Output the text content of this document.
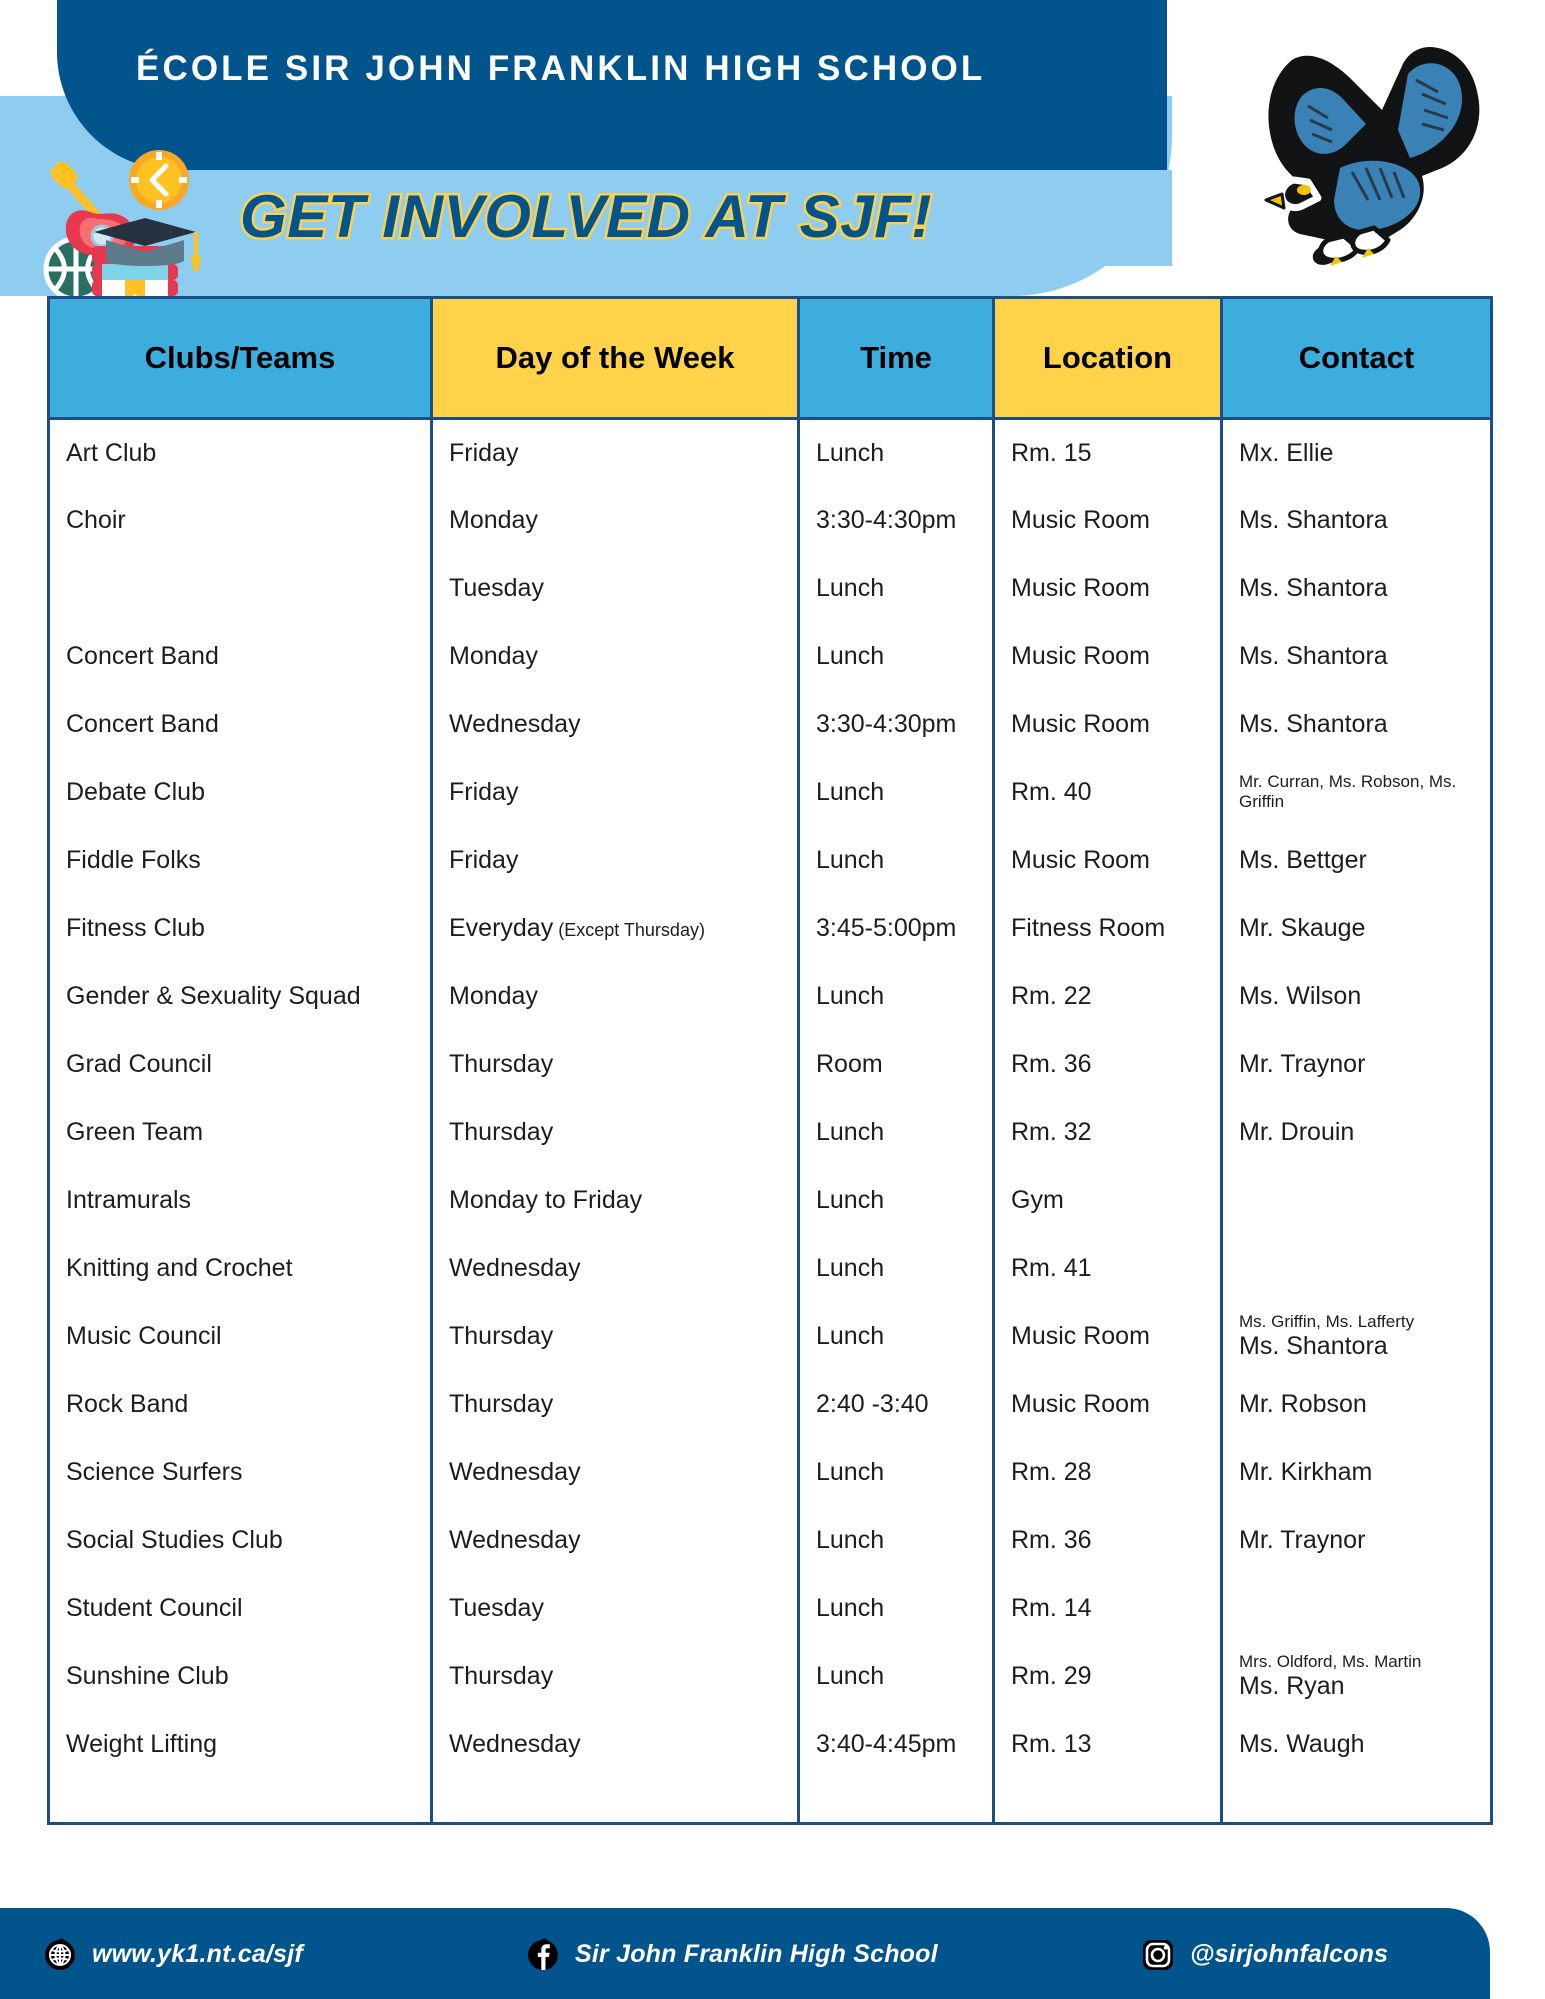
ÉCOLE SIR JOHN FRANKLIN HIGH SCHOOL
GET INVOLVED AT SJF!
Clubs/Teams	Day of the Week	Time	Location	Contact
Art Club	Friday	Lunch	Rm. 15	Mx. Ellie

Choir	Monday	3:30-4:30pm	Music Room	Ms. Shantora

	Tuesday	Lunch	Music Room	Ms. Shantora

Concert Band	Monday	Lunch	Music Room	Ms. Shantora

Concert Band	Wednesday	3:30-4:30pm	Music Room	Ms. Shantora

Debate Club	Friday	Lunch	Rm. 40	Mr. Curran, Ms. Robson, Ms. Griffin

Fiddle Folks	Friday	Lunch	Music Room	Ms. Bettger

Fitness Club	Everyday (Except Thursday)	3:45-5:00pm	Fitness Room	Mr. Skauge

Gender & Sexuality Squad	Monday	Lunch	Rm. 22	Ms. Wilson

Grad Council	Thursday	Room	Rm. 36	Mr. Traynor

Green Team	Thursday	Lunch	Rm. 32	Mr. Drouin

Intramurals	Monday to Friday	Lunch	Gym	
Knitting and Crochet	Wednesday	Lunch	Rm. 41	
Music Council	Thursday	Lunch	Music Room	Ms. Griffin, Ms. Lafferty
Ms. Shantora

Rock Band	Thursday	2:40 -3:40	Music Room	Mr. Robson

Science Surfers	Wednesday	Lunch	Rm. 28	Mr. Kirkham

Social Studies Club	Wednesday	Lunch	Rm. 36	Mr. Traynor

Student Council	Tuesday	Lunch	Rm. 14	
Sunshine Club	Thursday	Lunch	Rm. 29	Mrs. Oldford, Ms. Martin
Ms. Ryan

Weight Lifting	Wednesday	3:40-4:45pm	Rm. 13	Ms. Waugh

www.yk1.nt.ca/sjf	Sir John Franklin High School	@sirjohnfalcons
